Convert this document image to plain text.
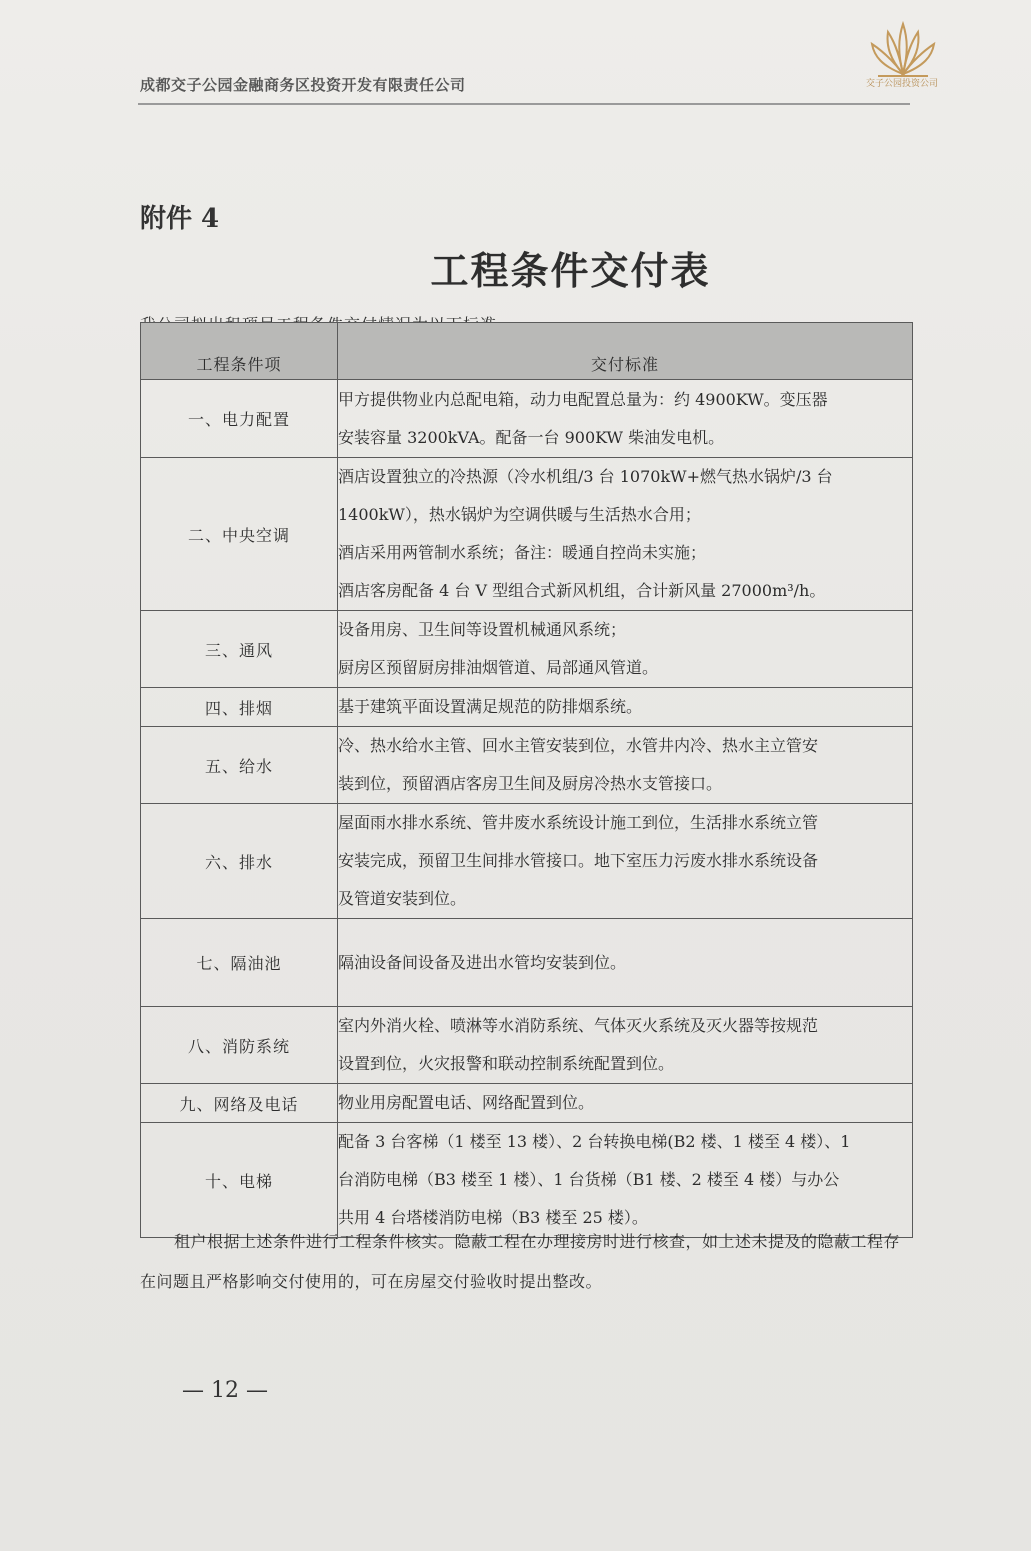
成都交子公园金融商务区投资开发有限责任公司	交子公园投资公司
附件 4
工程条件交付表
工程条件项	交付标准
一、电力配置	甲方提供物业内总配电箱，动力电配置总量为：约 4900KW。变压器
安装容量 3200kVA。配备一台 900KW 柴油发电机。

二、中央空调	酒店设置独立的冷热源（冷水机组/3 台 1070kW+燃气热水锅炉/3 台
1400kW），热水锅炉为空调供暖与生活热水合用；
酒店采用两管制水系统；备注：暖通自控尚未实施；
酒店客房配备 4 台 V 型组合式新风机组，合计新风量 27000m³/h。

三、通风	设备用房、卫生间等设置机械通风系统；
厨房区预留厨房排油烟管道、局部通风管道。

四、排烟	基于建筑平面设置满足规范的防排烟系统。

五、给水	冷、热水给水主管、回水主管安装到位，水管井内冷、热水主立管安
装到位，预留酒店客房卫生间及厨房冷热水支管接口。

六、排水	屋面雨水排水系统、管井废水系统设计施工到位，生活排水系统立管
安装完成，预留卫生间排水管接口。地下室压力污废水排水系统设备
及管道安装到位。

七、隔油池	隔油设备间设备及进出水管均安装到位。

八、消防系统	室内外消火栓、喷淋等水消防系统、气体灭火系统及灭火器等按规范
设置到位，火灾报警和联动控制系统配置到位。

九、网络及电话	物业用房配置电话、网络配置到位。

十、电梯	配备 3 台客梯（1 楼至 13 楼）、2 台转换电梯(B2 楼、1 楼至 4 楼）、1
台消防电梯（B3 楼至 1 楼）、1 台货梯（B1 楼、2 楼至 4 楼）与办公
共用 4 台塔楼消防电梯（B3 楼至 25 楼）。
租户根据上述条件进行工程条件核实。隐蔽工程在办理接房时进行核查，如上述未提及的隐蔽工程存在问题且严格影响交付使用的，可在房屋交付验收时提出整改。
— 12 —
